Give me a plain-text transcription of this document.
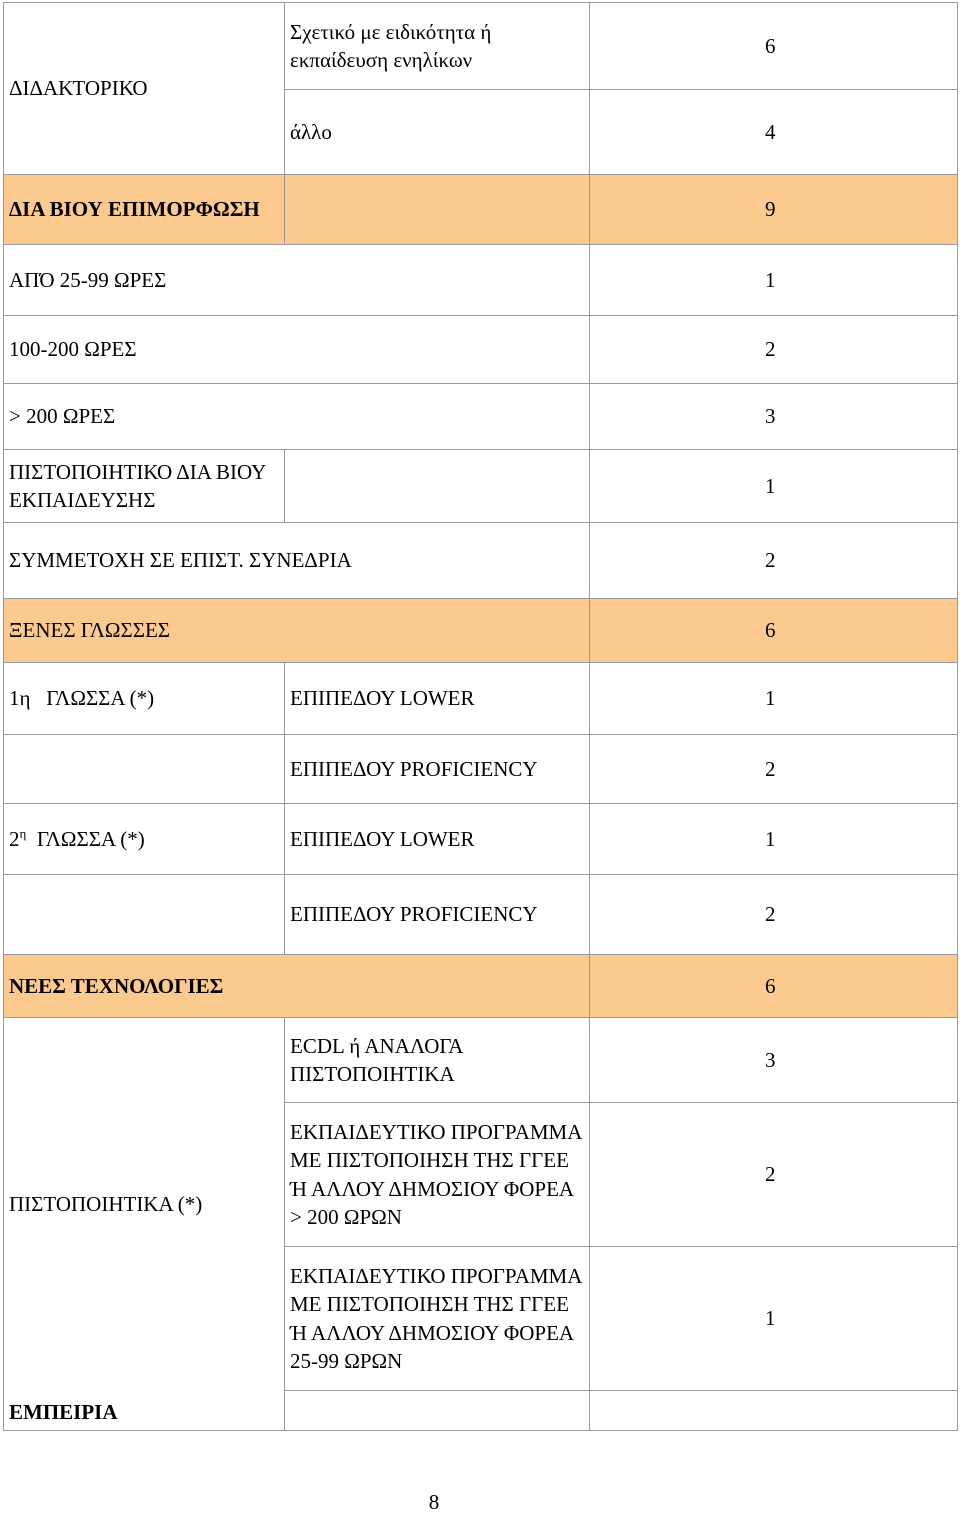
ΔΙΔΑΚΤΟΡΙΚΟ	Σχετικό με ειδικότητα ή εκπαίδευση ενηλίκων	6
	άλλο	4
ΔΙΑ ΒΙΟΥ ΕΠΙΜΟΡΦΩΣΗ		9
ΑΠΌ 25-99 ΩΡΕΣ		1
100-200 ΩΡΕΣ		2
> 200 ΩΡΕΣ		3
ΠΙΣΤΟΠΟΙΗΤΙΚΟ ΔΙΑ ΒΙΟΥ ΕΚΠΑΙΔΕΥΣΗΣ		1
ΣΥΜΜΕΤΟΧΗ ΣΕ ΕΠΙΣΤ. ΣΥΝΕΔΡΙΑ		2
ΞΕΝΕΣ ΓΛΩΣΣΕΣ		6
1η   ΓΛΩΣΣΑ (*)	ΕΠΙΠΕΔΟΥ LOWER	1
	ΕΠΙΠΕΔΟΥ PROFICIENCY	2
$2^\eta$  ΓΛΩΣΣΑ (*)	ΕΠΙΠΕΔΟΥ LOWER	1
	ΕΠΙΠΕΔΟΥ PROFICIENCY	2
ΝΕΕΣ ΤΕΧΝΟΛΟΓΙΕΣ		6
ΠΙΣΤΟΠΟΙΗΤΙΚΑ (*)	ECDL ή ΑΝΑΛΟΓΑ ΠΙΣΤΟΠΟΙΗΤΙΚΑ	3
	ΕΚΠΑΙΔΕΥΤΙΚΟ ΠΡΟΓΡΑΜΜΑ ΜΕ ΠΙΣΤΟΠΟΙΗΣΗ ΤΗΣ ΓΓΕΕ Ή ΑΛΛΟΥ ΔΗΜΟΣΙΟΥ ΦΟΡΕΑ > 200 ΩΡΩΝ	2
	ΕΚΠΑΙΔΕΥΤΙΚΟ ΠΡΟΓΡΑΜΜΑ ΜΕ ΠΙΣΤΟΠΟΙΗΣΗ ΤΗΣ ΓΓΕΕ Ή ΑΛΛΟΥ ΔΗΜΟΣΙΟΥ ΦΟΡΕΑ 25-99 ΩΡΩΝ	1
ΕΜΠΕΙΡΙΑ		
8
